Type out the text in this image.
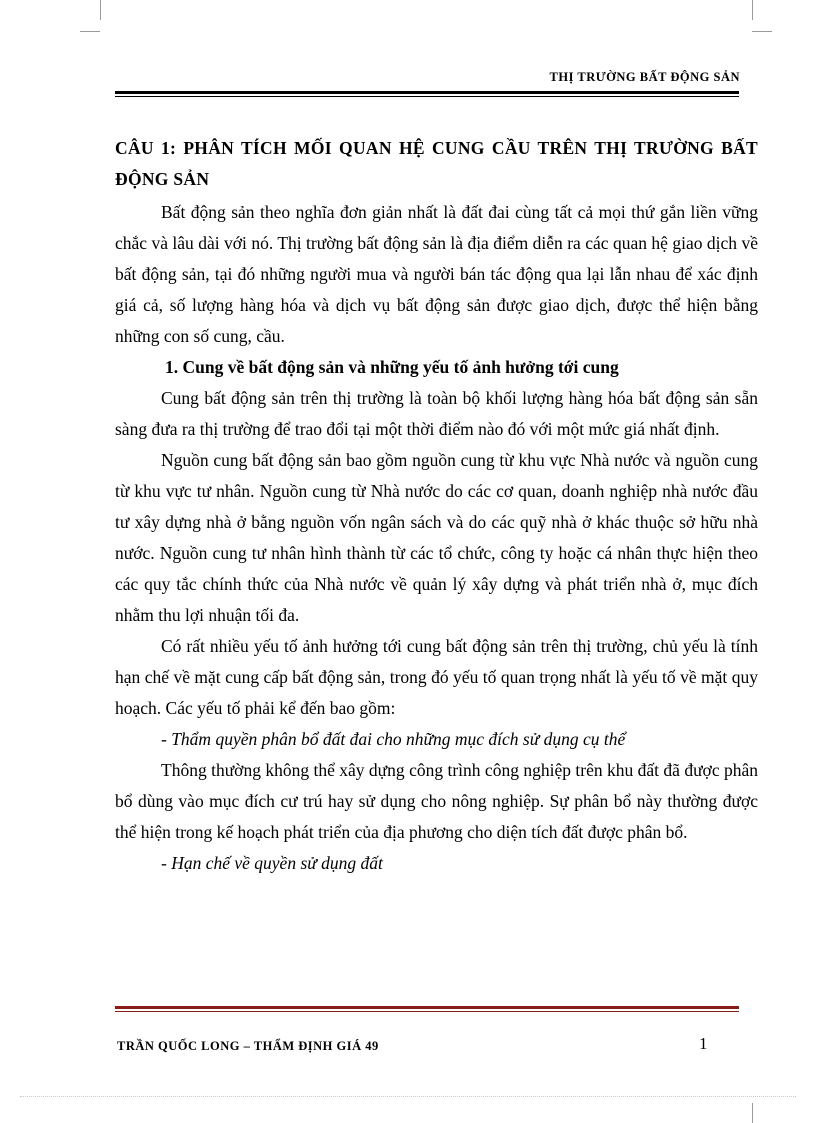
THỊ TRƯỜNG BẤT ĐỘNG SẢN
CÂU 1: PHÂN TÍCH MỐI QUAN HỆ CUNG CẦU TRÊN THỊ TRƯỜNG BẤT ĐỘNG SẢN

Bất động sản theo nghĩa đơn giản nhất là đất đai cùng tất cả mọi thứ gắn liền vững chắc và lâu dài với nó. Thị trường bất động sản là địa điểm diễn ra các quan hệ giao dịch về bất động sản, tại đó những người mua và người bán tác động qua lại lẫn nhau để xác định giá cả, số lượng hàng hóa và dịch vụ bất động sản được giao dịch, được thể hiện bằng những con số cung, cầu.

1. Cung về bất động sản và những yếu tố ảnh hưởng tới cung

Cung bất động sản trên thị trường là toàn bộ khối lượng hàng hóa bất động sản sẵn sàng đưa ra thị trường để trao đổi tại một thời điểm nào đó với một mức giá nhất định.

Nguồn cung bất động sản bao gồm nguồn cung từ khu vực Nhà nước và nguồn cung từ khu vực tư nhân. Nguồn cung từ Nhà nước do các cơ quan, doanh nghiệp nhà nước đầu tư xây dựng nhà ở bằng nguồn vốn ngân sách và do các quỹ nhà ở khác thuộc sở hữu nhà nước. Nguồn cung tư nhân hình thành từ các tổ chức, công ty hoặc cá nhân thực hiện theo các quy tắc chính thức của Nhà nước về quản lý xây dựng và phát triển nhà ở, mục đích nhằm thu lợi nhuận tối đa.

Có rất nhiều yếu tố ảnh hưởng tới cung bất động sản trên thị trường, chủ yếu là tính hạn chế về mặt cung cấp bất động sản, trong đó yếu tố quan trọng nhất là yếu tố về mặt quy hoạch. Các yếu tố phải kể đến bao gồm:

- Thẩm quyền phân bổ đất đai cho những mục đích sử dụng cụ thể

Thông thường không thể xây dựng công trình công nghiệp trên khu đất đã được phân bổ dùng vào mục đích cư trú hay sử dụng cho nông nghiệp. Sự phân bổ này thường được thể hiện trong kế hoạch phát triển của địa phương cho diện tích đất được phân bổ.

- Hạn chế về quyền sử dụng đất

TRẦN QUỐC LONG – THẨM ĐỊNH GIÁ 49	1
